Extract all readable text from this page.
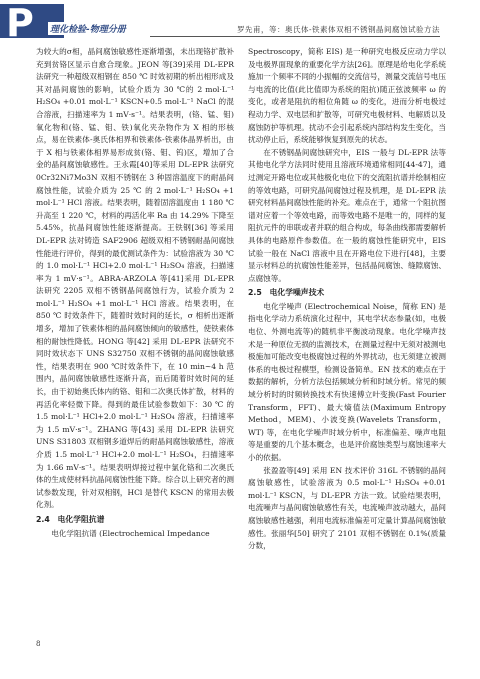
P 理化检验-物理分册	罗先甫，等：奥氏体-铁素体双相不锈钢晶间腐蚀试验方法

为较大的σ相，晶间腐蚀敏感性逐渐增强，未出现铬扩散补充到贫铬区显示自愈合现象。JEON 等[39]采用 DL-EPR 法研究一种超级双相钢在 850 ℃ 时效初期的析出相形成及其对晶间腐蚀的影响，试验介质为 30 ℃的 2 mol·L⁻¹ H₂SO₄ +0.01 mol·L⁻¹ KSCN+0.5 mol·L⁻¹ NaCl 的混合溶液，扫描速率为 1 mV·s⁻¹。结果表明，(铬、锰、钼)氧化物和(铬、锰、钼、铁)氧化夹杂物作为 X 相的形核点，易在铁素体-奥氏体相界和铁素体-铁素体晶界析出，由于 X 相与铁素体相界易形成贫(铬、钼、钨)区，增加了合金的晶间腐蚀敏感性。王永霞[40]等采用 DL-EPR 法研究 0Cr32Ni7Mo3N 双相不锈钢在 3 种固溶温度下的耐晶间腐蚀性能，试验介质为 25 ℃ 的 2 mol·L⁻¹ H₂SO₄ +1 mol·L⁻¹ HCl 溶液。结果表明，随着固溶温度由 1 180 ℃ 升高至 1 220 ℃，材料的再活化率 Ra 由 14.29% 下降至 5.45%，抗晶间腐蚀性能逐渐提高。王铁钢[36] 等采用 DL-EPR 法对铸造 SAF2906 超级双相不锈钢耐晶间腐蚀性能进行评价，得到的最优测试条件为：试验溶液为 30 ℃的 1.0 mol·L⁻¹ HCl+2.0 mol·L⁻¹ H₂SO₄ 溶液，扫描速率为 1 mV·s⁻¹。ABRA-ARZOLA 等[41]采用 DL-EPR 法研究 2205 双相不锈钢晶间腐蚀行为，试验介质为 2 mol·L⁻¹ H₂SO₄ +1 mol·L⁻¹ HCl 溶液。结果表明，在 850 ℃ 时效条件下，随着时效时间的延长，σ 相析出逐渐增多，增加了铁素体相的晶间腐蚀倾向的敏感性，使铁素体相的耐蚀性降低。HONG 等[42] 采用 DL-EPR 法研究不同时效状态下 UNS S32750 双相不锈钢的晶间腐蚀敏感性，结果表明在 900 ℃时效条件下，在 10 min~4 h 范围内，晶间腐蚀敏感性逐渐升高，而后随着时效时间的延长，由于初始奥氏体内的铬、钼和二次奥氏体扩散，材料的再活化率轻微下降。得到的最佳试验参数如下：30 ℃ 的 1.5 mol·L⁻¹ HCl+2.0 mol·L⁻¹ H₂SO₄ 溶液，扫描速率为 1.5 mV·s⁻¹。ZHANG 等[43] 采用 DL-EPR 法研究 UNS S31803 双相钢多道焊后的耐晶间腐蚀敏感性，溶液介质 1.5 mol·L⁻¹ HCl+2.0 mol·L⁻¹ H₂SO₄，扫描速率为 1.66 mV·s⁻¹。结果表明焊接过程中氯化铬和二次奥氏体的生成使材料抗晶间腐蚀性能下降。综合以上研究者的测试参数发现，针对双相钢，HCl 是替代 KSCN 的常用去极化剂。

2.4　电化学阻抗谱

电化学阻抗谱 (Electrochemical Impedance

Spectroscopy，简称 EIS) 是一种研究电极反应动力学以及电极界面现象的重要化学方法[26]。原理是给电化学系统施加一个频率不同的小振幅的交流信号，测量交流信号电压与电流的比值(此比值即为系统的阻抗)随正弦波频率 ω 的变化，或者是阻抗的相位角随 ω 的变化，进而分析电极过程动力学、双电层和扩散等，可研究电极材料、电解质以及腐蚀防护等机理。扰动不会引起系统内部结构发生变化，当扰动停止后，系统能够恢复到原先的状态。

在不锈钢晶间腐蚀研究中，EIS 一般与 DL-EPR 法等其他电化学方法同时使用且溶液环境通常相同[44-47]，通过测定开路电位或其他极化电位下的交流阻抗谱并绘制相应的等效电路，可研究晶间腐蚀过程及机理，是 DL-EPR 法研究材料晶间腐蚀性能的补充。难点在于，通常一个阻抗图谱对应着一个等效电路，而等效电路不是唯一的，同样的复阻抗元件的串联或者并联的组合构成，每条曲线都需要解析具体的电路原件参数值。在一般的腐蚀性能研究中，EIS 试验一般在 NaCl 溶液中且在开路电位下进行[48]，主要显示材料总的抗腐蚀性能差异，包括晶间腐蚀、缝隙腐蚀、点腐蚀等。

2.5　电化学噪声技术

电化学噪声 (Electrochemical Noise，简称 EN) 是指电化学动力系统演化过程中，其电学状态参量(如，电极电位、外测电流等)的随机非平衡波动现象。电化学噪声技术是一种原位无损的监测技术，在测量过程中无须对被测电极施加可能改变电极腐蚀过程的外界扰动，也无须建立被测体系的电极过程模型，检测设备简单。EN 技术的难点在于数据的解析，分析方法包括频域分析和时域分析。常见的频域分析时的时频转换技术有快速傅立叶变换(Fast Fourier Transform，FFT)、最大熵值法(Maximum Entropy Method，MEM)、小波变换(Wavelets Transform，WT) 等，在电化学噪声时域分析中，标准偏差、噪声电阻等是重要的几个基本概念，也是评价腐蚀类型与腐蚀速率大小的依据。

张盈盈等[49] 采用 EN 技术评价 316L 不锈钢的晶间腐蚀敏感性，试验溶液为 0.5 mol·L⁻¹ H₂SO₄ +0.01 mol·L⁻¹ KSCN，与 DL-EPR 方法一致。试验结果表明，电流噪声与晶间腐蚀敏感性有关，电流噪声波动越大，晶间腐蚀敏感性越强，利用电流标准偏差可定量计算晶间腐蚀敏感性。张丽华[50] 研究了 2101 双相不锈钢在 0.1%(质量分数，

8
